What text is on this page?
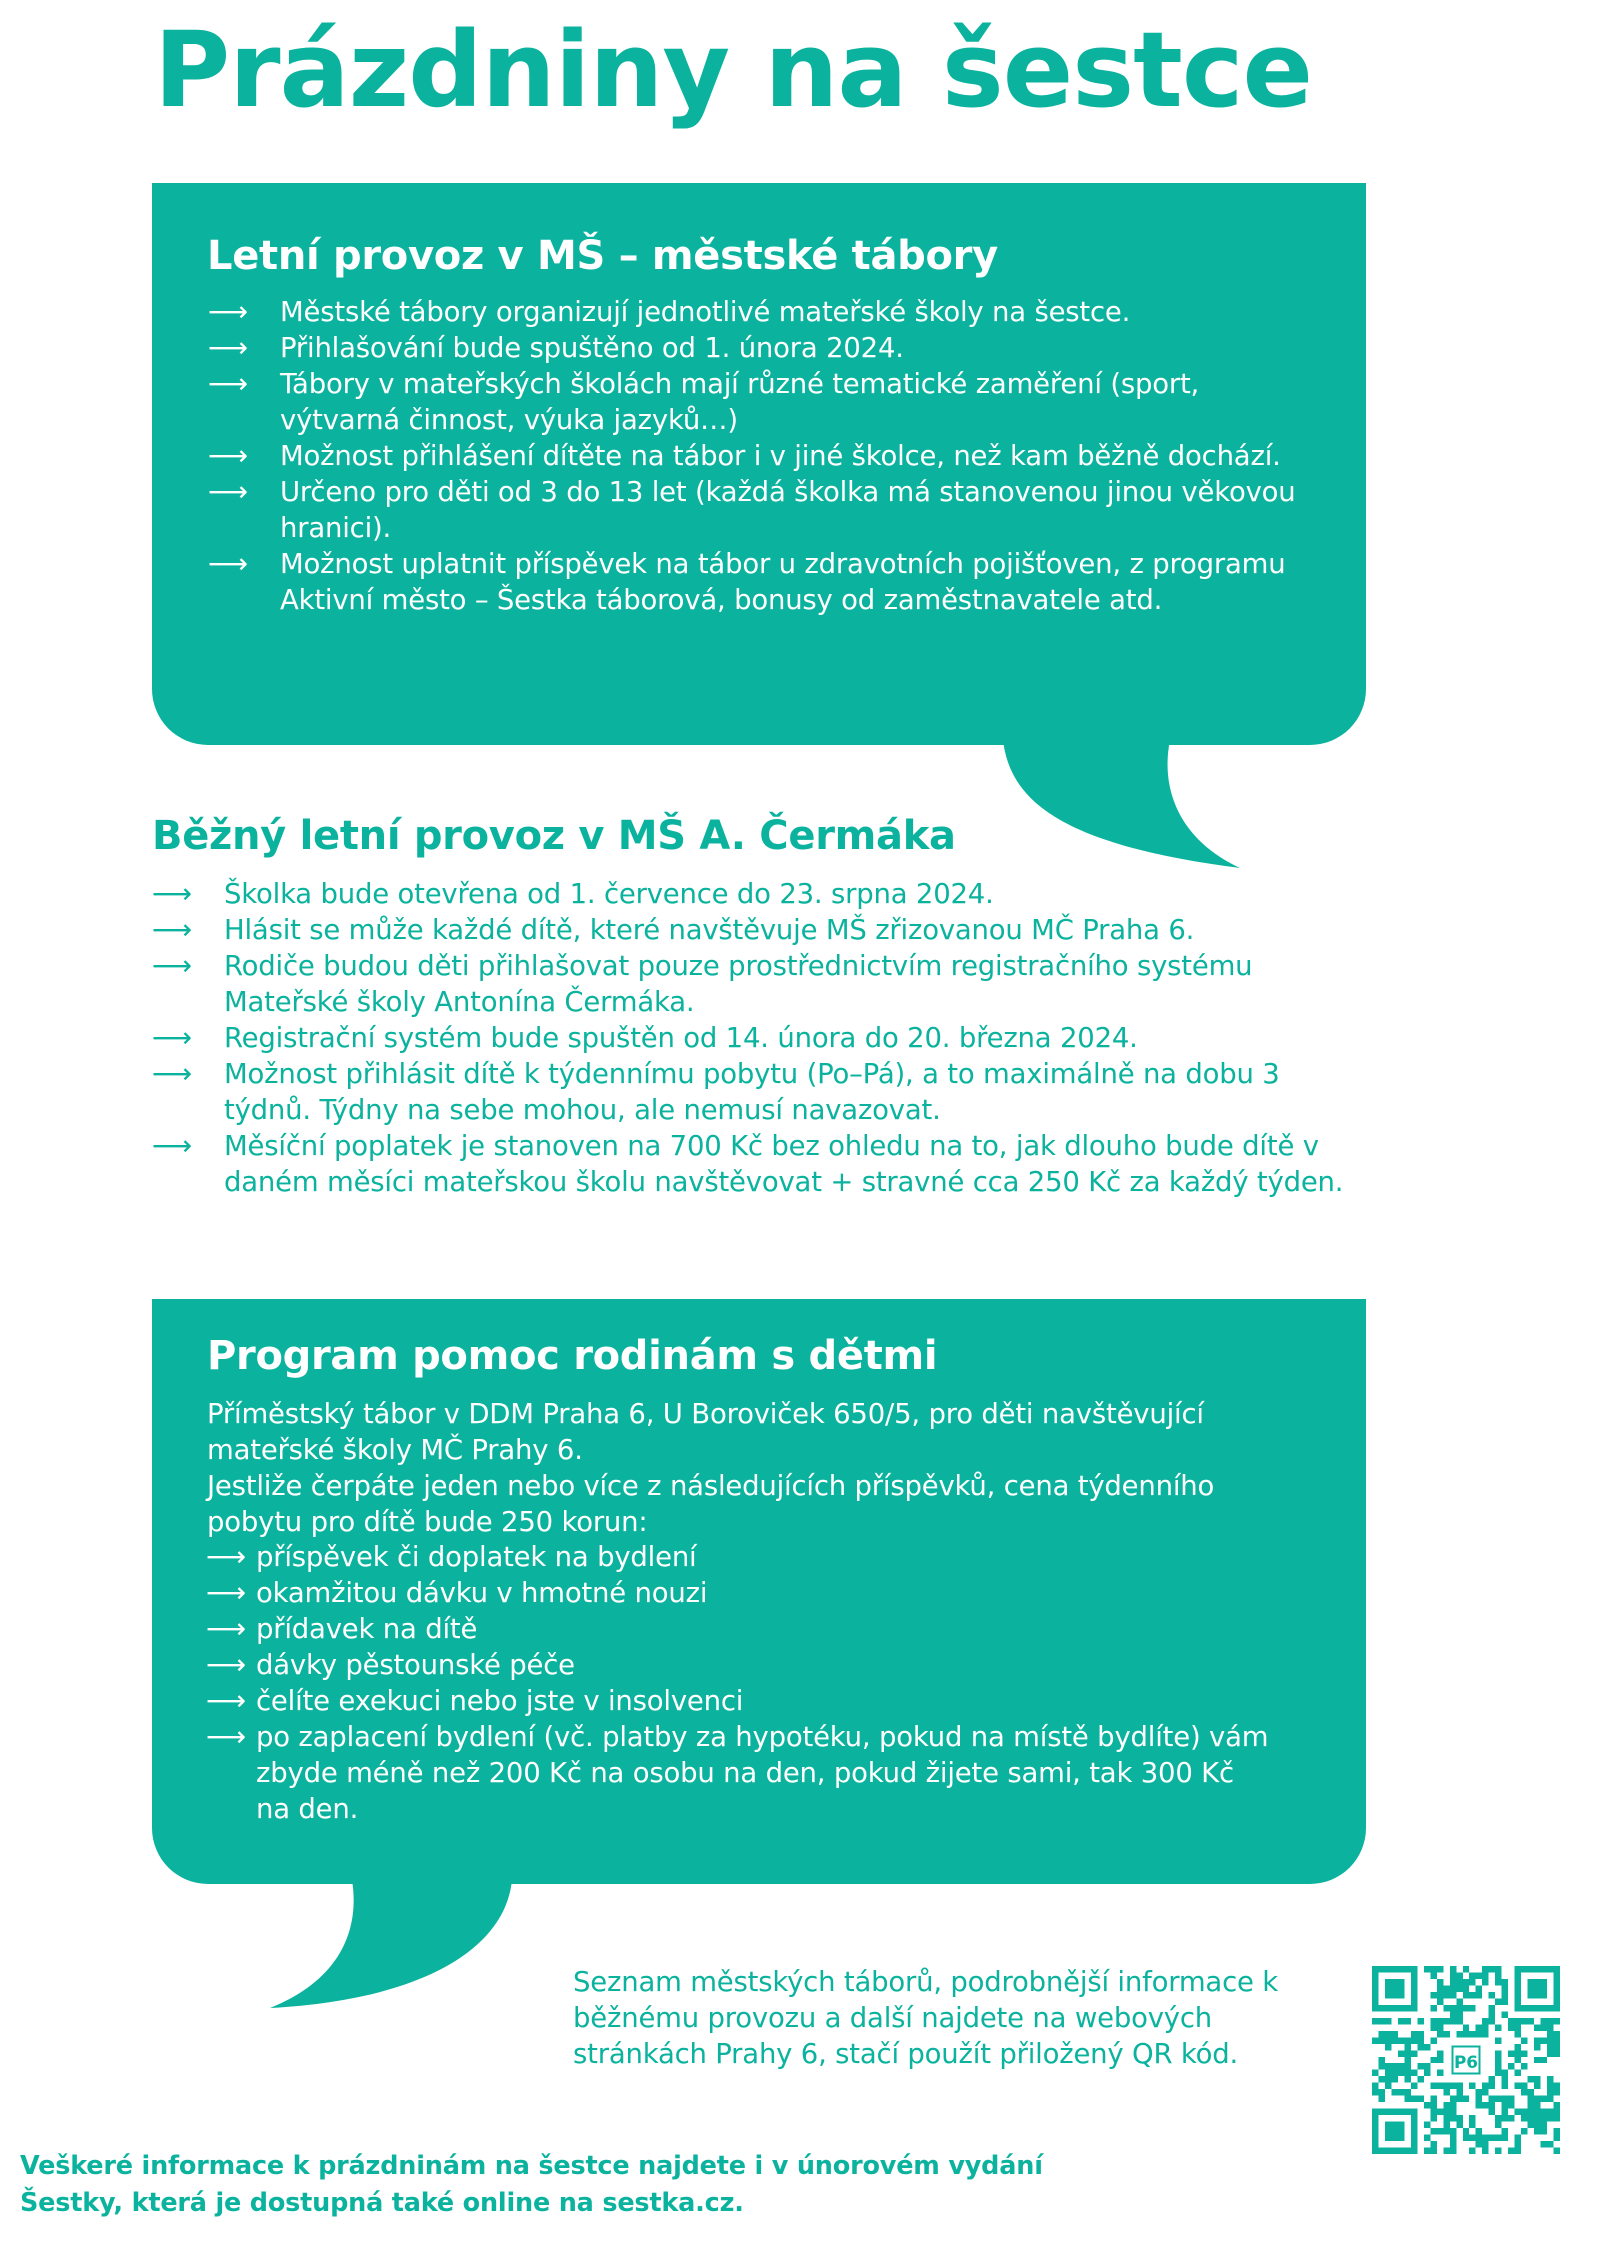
Prázdniny na šestce
Letní provoz v MŠ – městské tábory
⟶ Městské tábory organizují jednotlivé mateřské školy na šestce.
⟶ Přihlašování bude spuštěno od 1. února 2024.
⟶ Tábory v mateřských školách mají různé tematické zaměření (sport, výtvarná činnost, výuka jazyků…)
⟶ Možnost přihlášení dítěte na tábor i v jiné školce, než kam běžně dochází.
⟶ Určeno pro děti od 3 do 13 let (každá školka má stanovenou jinou věkovou hranici).
⟶ Možnost uplatnit příspěvek na tábor u zdravotních pojišťoven, z programu Aktivní město – Šestka táborová, bonusy od zaměstnavatele atd.
Běžný letní provoz v MŠ A. Čermáka
⟶ Školka bude otevřena od 1. července do 23. srpna 2024.
⟶ Hlásit se může každé dítě, které navštěvuje MŠ zřizovanou MČ Praha 6.
⟶ Rodiče budou děti přihlašovat pouze prostřednictvím registračního systému Mateřské školy Antonína Čermáka.
⟶ Registrační systém bude spuštěn od 14. února do 20. března 2024.
⟶ Možnost přihlásit dítě k týdennímu pobytu (Po–Pá), a to maximálně na dobu 3 týdnů. Týdny na sebe mohou, ale nemusí navazovat.
⟶ Měsíční poplatek je stanoven na 700 Kč bez ohledu na to, jak dlouho bude dítě v daném měsíci mateřskou školu navštěvovat + stravné cca 250 Kč za každý týden.
Program pomoc rodinám s dětmi

Příměstský tábor v DDM Praha 6, U Boroviček 650/5, pro děti navštěvující mateřské školy MČ Prahy 6.

Jestliže čerpáte jeden nebo více z následujících příspěvků, cena týdenního pobytu pro dítě bude 250 korun:

⟶ příspěvek či doplatek na bydlení
⟶ okamžitou dávku v hmotné nouzi
⟶ přídavek na dítě
⟶ dávky pěstounské péče
⟶ čelíte exekuci nebo jste v insolvenci
⟶ po zaplacení bydlení (vč. platby za hypotéku, pokud na místě bydlíte) vám zbyde méně než 200 Kč na osobu na den, pokud žijete sami, tak 300 Kč na den.

Seznam městských táborů, podrobnější informace k běžnému provozu a další najdete na webových stránkách Prahy 6, stačí použít přiložený QR kód.	P6

Veškeré informace k prázdninám na šestce najdete i v únorovém vydání Šestky, která je dostupná také online na sestka.cz.
